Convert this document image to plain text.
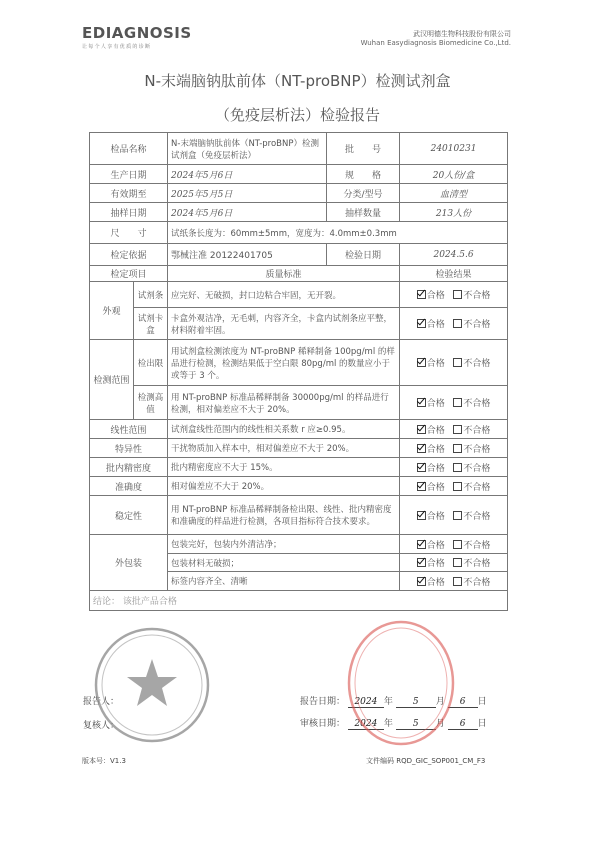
EDIAGNOSIS
让每个人享有优质的诊断
武汉明德生物科技股份有限公司
Wuhan Easydiagnosis Biomedicine Co.,Ltd.
N-末端脑钠肽前体（NT-proBNP）检测试剂盒
（免疫层析法）检验报告
检品名称		N-末端脑钠肽前体（NT-proBNP）检测试剂盒（免疫层析法）	批　　号	24010231
生产日期		2024年5月6日	规　　格	20人份/盒
有效期至		2025年5月5日	分类/型号	血清型
抽样日期		2024年5月6日	抽样数量	213人份
尺　　寸		试纸条长度为：60mm±5mm，宽度为：4.0mm±0.3mm		
检定依据		鄂械注准 20122401705	检验日期	2024.5.6
检定项目		质量标准		检验结果
外观	试剂条	应完好、无破损，封口边粘合牢固，无开裂。		合格 不合格
	试剂卡盒	卡盒外观洁净，无毛刺，内容齐全，卡盒内试剂条应平整，材料附着牢固。		合格 不合格
检测范围	检出限	用试剂盒检测浓度为 NT-proBNP 稀释制备 100pg/ml 的样品进行检测，检测结果低于空白限 80pg/ml 的数量应小于或等于 3 个。		合格 不合格
	检测高值	用 NT-proBNP 标准品稀释制备 30000pg/ml 的样品进行检测，相对偏差应不大于 20%。		合格 不合格
线性范围		试剂盒线性范围内的线性相关系数 r 应≥0.95。		合格 不合格
特异性		干扰物质加入样本中，相对偏差应不大于 20%。		合格 不合格
批内精密度		批内精密度应不大于 15%。		合格 不合格
准确度		相对偏差应不大于 20%。		合格 不合格
稳定性		用 NT-proBNP 标准品稀释制备检出限、线性、批内精密度和准确度的样品进行检测，各项目指标符合技术要求。		合格 不合格
外包装		包装完好，包装内外清洁净；		合格 不合格
		包装材料无破损；		合格 不合格
		标签内容齐全、清晰		合格 不合格
结论： 该批产品合格				
报告人：
复核人：
报告日期： 2024 年 5 月 6 日
审核日期： 2024 年 5 月 6 日
版本号：V1.3	文件编码 RQD_GIC_SOP001_CM_F3
